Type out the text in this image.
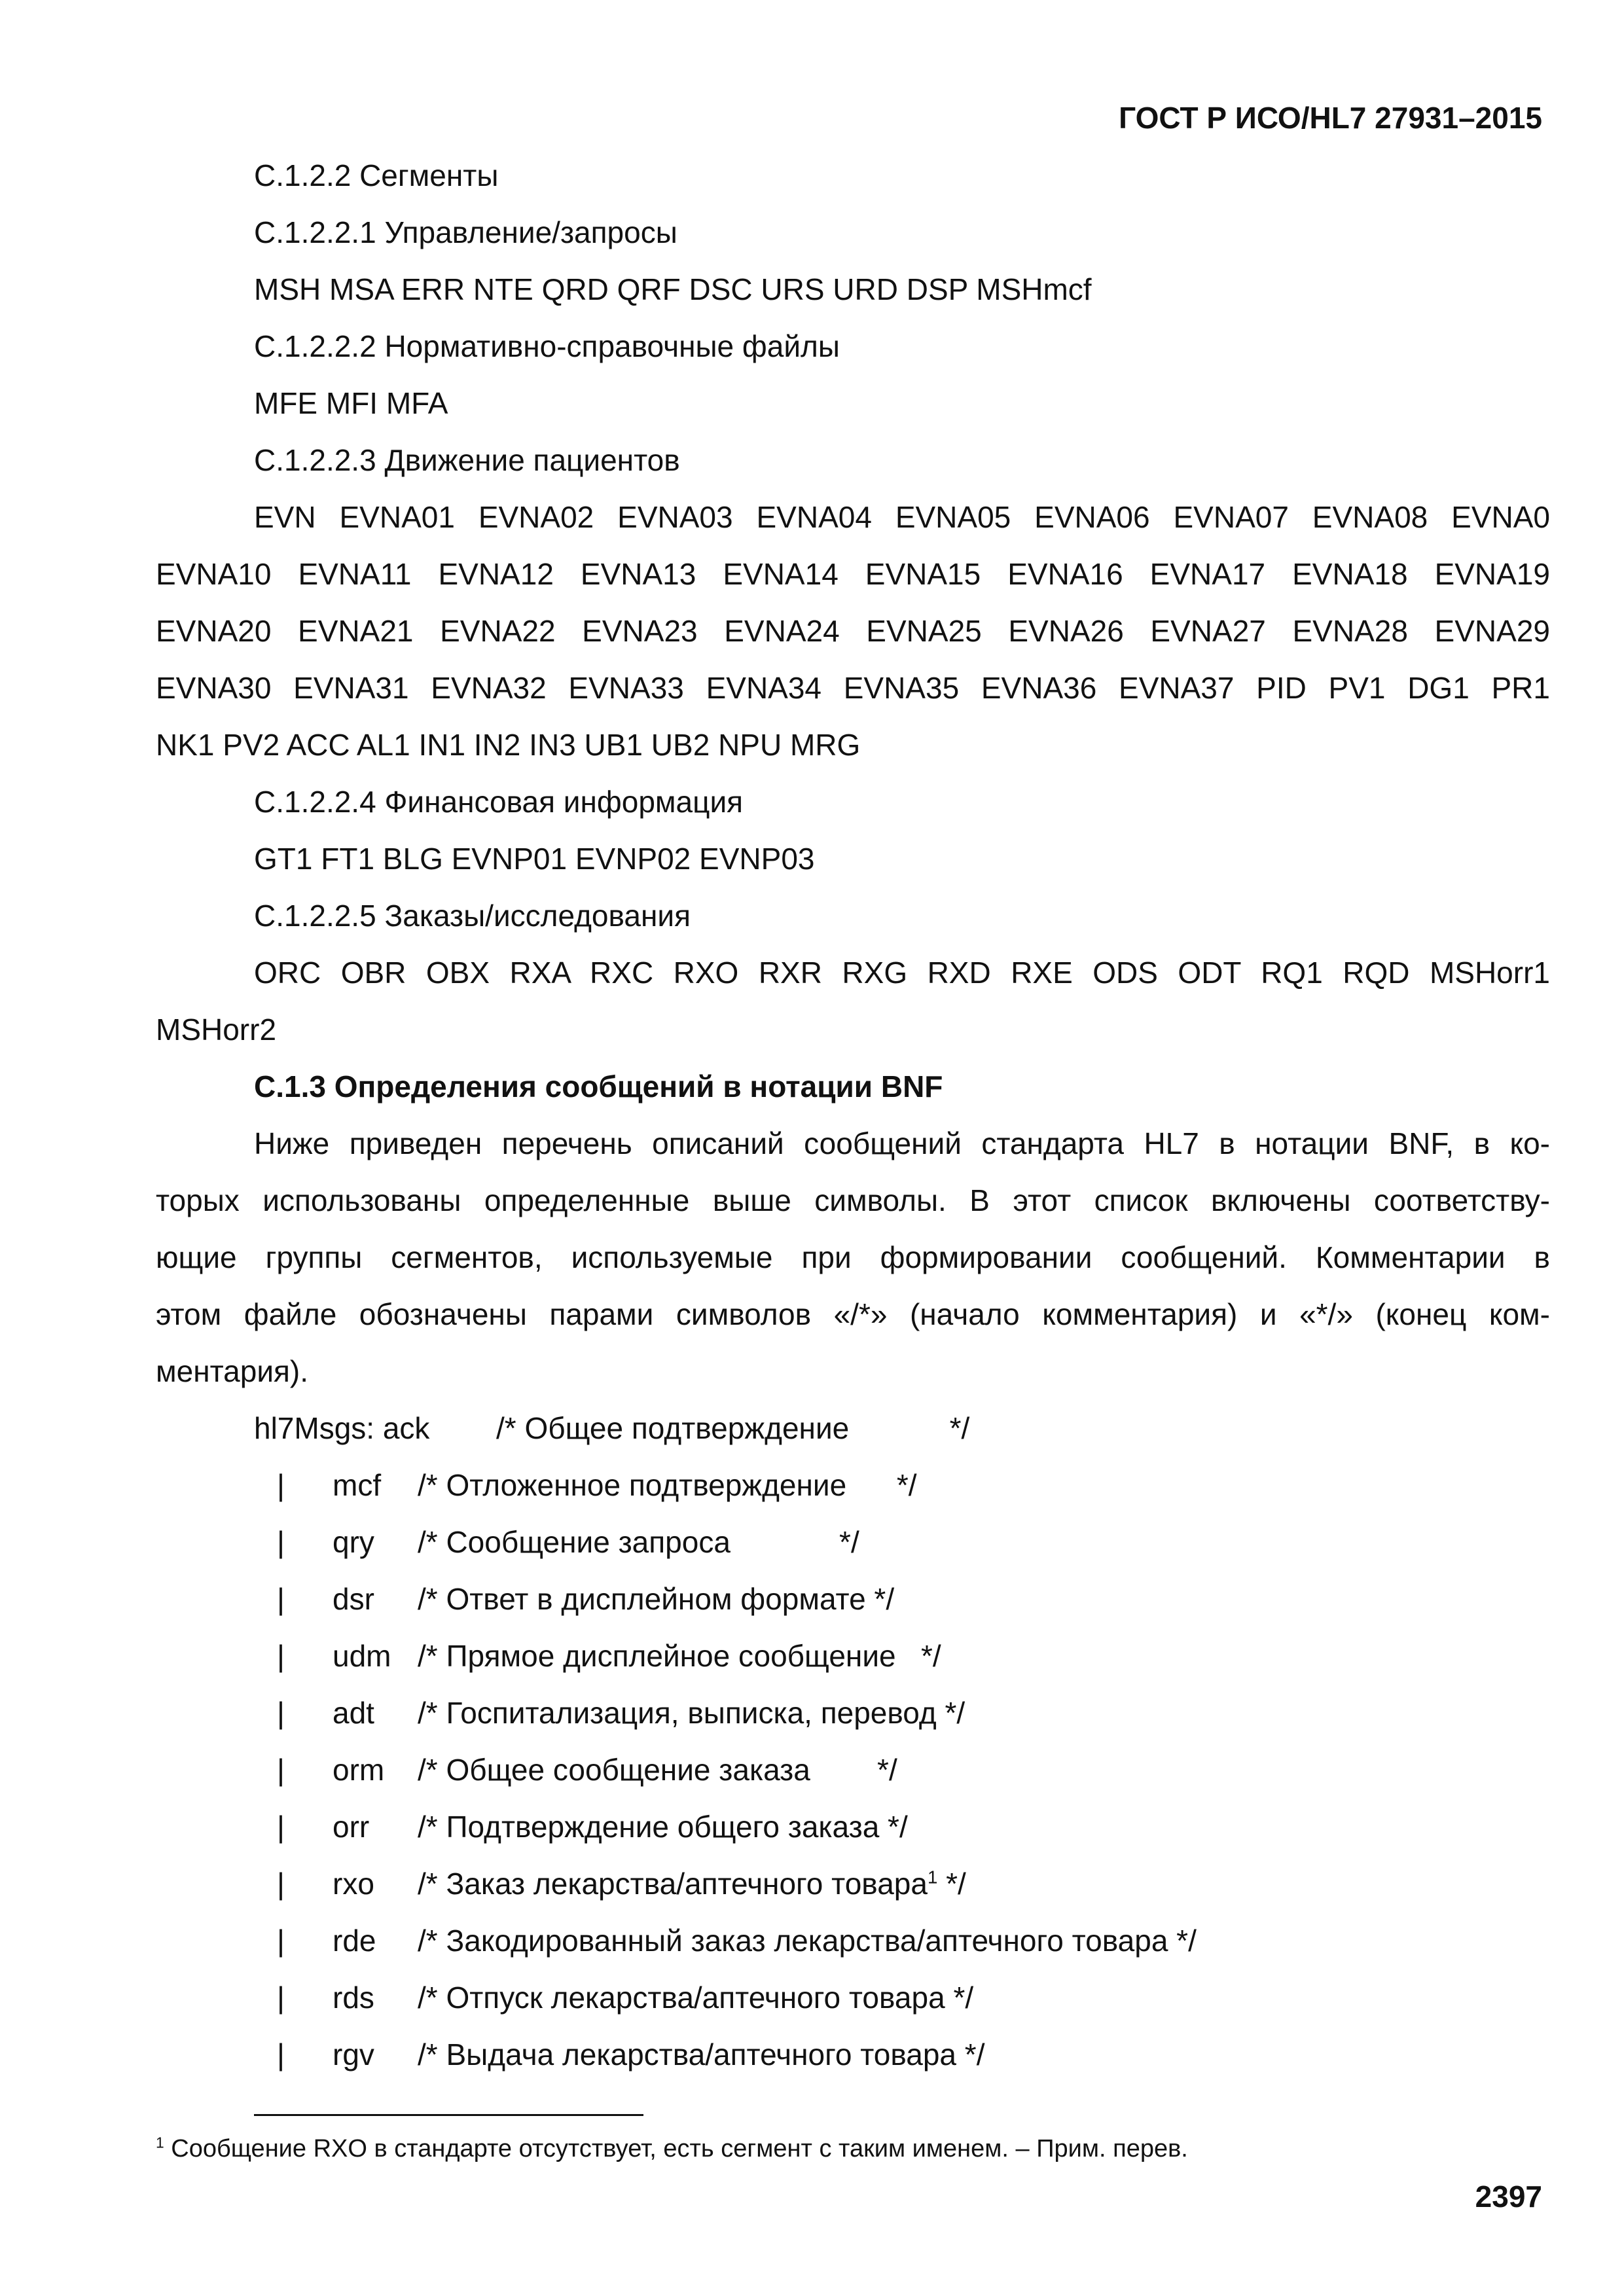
ГОСТ Р ИСО/HL7 27931–2015
C.1.2.2 Сегменты
C.1.2.2.1 Управление/запросы
MSH MSA ERR NTE QRD QRF DSC URS URD DSP MSHmcf
C.1.2.2.2 Нормативно-справочные файлы
MFE MFI MFA
C.1.2.2.3 Движение пациентов
EVN EVNA01 EVNA02 EVNA03 EVNA04 EVNA05 EVNA06 EVNA07 EVNA08 EVNA0
EVNA10 EVNA11 EVNA12 EVNA13 EVNA14 EVNA15 EVNA16 EVNA17 EVNA18 EVNA19
EVNA20 EVNA21 EVNA22 EVNA23 EVNA24 EVNA25 EVNA26 EVNA27 EVNA28 EVNA29
EVNA30 EVNA31 EVNA32 EVNA33 EVNA34 EVNA35 EVNA36 EVNA37 PID PV1 DG1 PR1
NK1 PV2 ACC AL1 IN1 IN2 IN3 UB1 UB2 NPU MRG
C.1.2.2.4 Финансовая информация
GT1 FT1 BLG EVNP01 EVNP02 EVNP03
C.1.2.2.5 Заказы/исследования
ORC OBR OBX RXA RXC RXO RXR RXG RXD RXE ODS ODT RQ1 RQD MSHorr1
MSHorr2
C.1.3 Определения сообщений в нотации BNF
Ниже приведен перечень описаний сообщений стандарта HL7 в нотации BNF, в ко-
торых использованы определенные выше символы. В этот список включены соответству-
ющие группы сегментов, используемые при формировании сообщений. Комментарии в
этом файле обозначены парами символов «/*» (начало комментария) и «*/» (конец ком-
ментария).
hl7Msgs: ack /* Общее подтверждение            */
| mcf /* Отложенное подтверждение      */
| qry /* Сообщение запроса             */
| dsr /* Ответ в дисплейном формате */
| udm /* Прямое дисплейное сообщение   */
| adt /* Госпитализация, выписка, перевод */
| orm /* Общее сообщение заказа        */
| orr /* Подтверждение общего заказа */
| rxo /* Заказ лекарства/аптечного товара$^1$ */
| rde /* Закодированный заказ лекарства/аптечного товара */
| rds /* Отпуск лекарства/аптечного товара */
| rgv /* Выдача лекарства/аптечного товара */
$^1$ Сообщение RXO в стандарте отсутствует, есть сегмент с таким именем. – Прим. перев.
2397
